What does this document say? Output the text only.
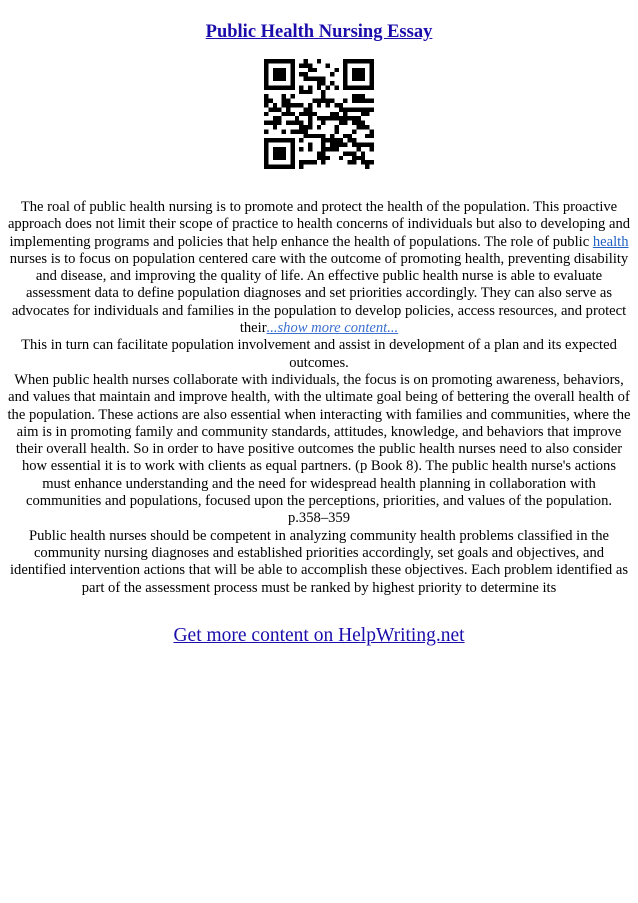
Public Health Nursing Essay

The roal of public health nursing is to promote and protect the health of the population. This proactive approach does not limit their scope of practice to health concerns of individuals but also to developing and implementing programs and policies that help enhance the health of populations. The role of public health nurses is to focus on population centered care with the outcome of promoting health, preventing disability and disease, and improving the quality of life. An effective public health nurse is able to evaluate assessment data to define population diagnoses and set priorities accordingly. They can also serve as advocates for individuals and families in the population to develop policies, access resources, and protect their...show more content...

This in turn can facilitate population involvement and assist in development of a plan and its expected outcomes.

When public health nurses collaborate with individuals, the focus is on promoting awareness, behaviors, and values that maintain and improve health, with the ultimate goal being of bettering the overall health of the population. These actions are also essential when interacting with families and communities, where the aim is in promoting family and community standards, attitudes, knowledge, and behaviors that improve their overall health. So in order to have positive outcomes the public health nurses need to also consider how essential it is to work with clients as equal partners. (p Book 8). The public health nurse's actions must enhance understanding and the need for widespread health planning in collaboration with communities and populations, focused upon the perceptions, priorities, and values of the population.

p.358–359

Public health nurses should be competent in analyzing community health problems classified in the community nursing diagnoses and established priorities accordingly, set goals and objectives, and identified intervention actions that will be able to accomplish these objectives. Each problem identified as part of the assessment process must be ranked by highest priority to determine its

Get more content on HelpWriting.net
